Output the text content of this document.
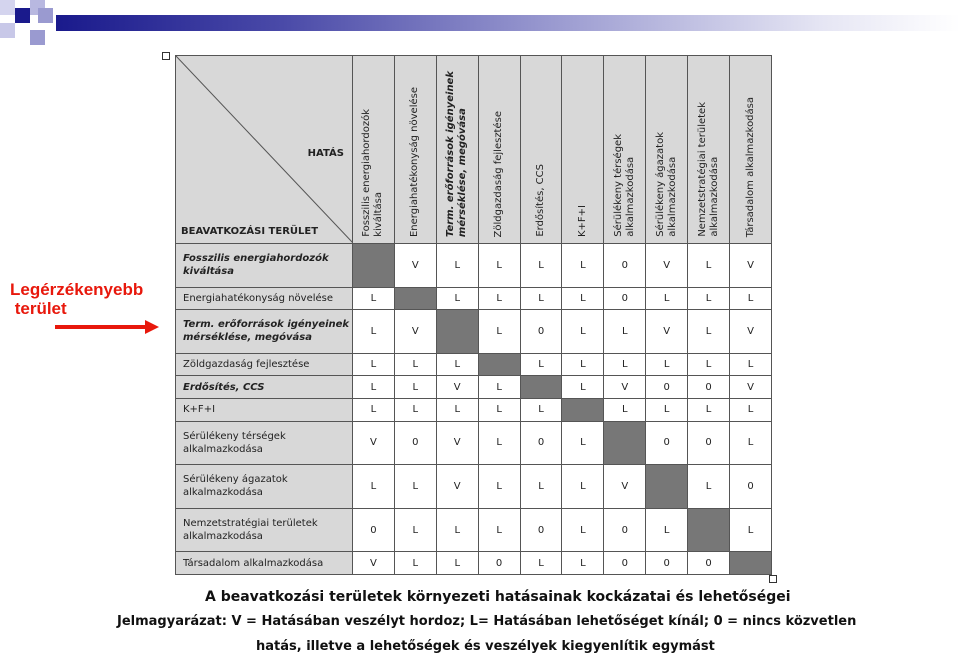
Legérzékenyebb
terület
HATÁS
BEAVATKOZÁSI TERÜLET	Fosszilis energiahordozók
kiváltása	Energiahatékonyság növelése	Term. erőforrások igényeinek
mérséklése, megóvása	Zöldgazdaság fejlesztése	Erdősítés, CCS	K+F+I	Sérülékeny térségek
alkalmazkodása	Sérülékeny ágazatok
alkalmazkodása	Nemzetstratégiai területek
alkalmazkodása	Társadalom alkalmazkodása

Fosszilis energiahordozók
kiváltása		V	L	L	L	L	0	V	L	V
Energiahatékonyság növelése	L		L	L	L	L	0	L	L	L
Term. erőforrások igényeinek
mérséklése, megóvása	L	V		L	0	L	L	V	L	V
Zöldgazdaság fejlesztése	L	L	L		L	L	L	L	L	L
Erdősítés, CCS	L	L	V	L		L	V	0	0	V
K+F+I	L	L	L	L	L		L	L	L	L
Sérülékeny térségek
alkalmazkodása	V	0	V	L	0	L		0	0	L
Sérülékeny ágazatok
alkalmazkodása	L	L	V	L	L	L	V		L	0
Nemzetstratégiai területek
alkalmazkodása	0	L	L	L	0	L	0	L		L
Társadalom alkalmazkodása	V	L	L	0	L	L	0	0	0	
A beavatkozási területek környezeti hatásainak kockázatai és lehetőségei
Jelmagyarázat: V = Hatásában veszélyt hordoz; L= Hatásában lehetőséget kínál; 0 = nincs közvetlen
hatás, illetve a lehetőségek és veszélyek kiegyenlítik egymást
